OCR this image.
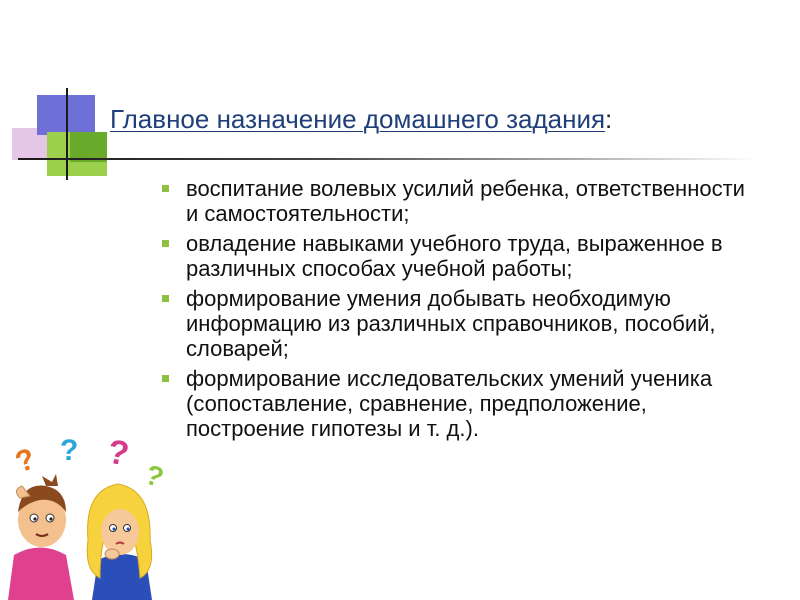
Главное назначение домашнего задания:
воспитание волевых усилий ребенка, ответственности и самостоятельности;
овладение навыками учебного труда, выраженное в различных способах учебной работы;
формирование умения добывать необходимую информацию из различных справочников, пособий, словарей;
формирование исследовательских умений ученика (сопоставление, сравнение, предположение, построение гипотезы и т. д.).
? ? ?
?
